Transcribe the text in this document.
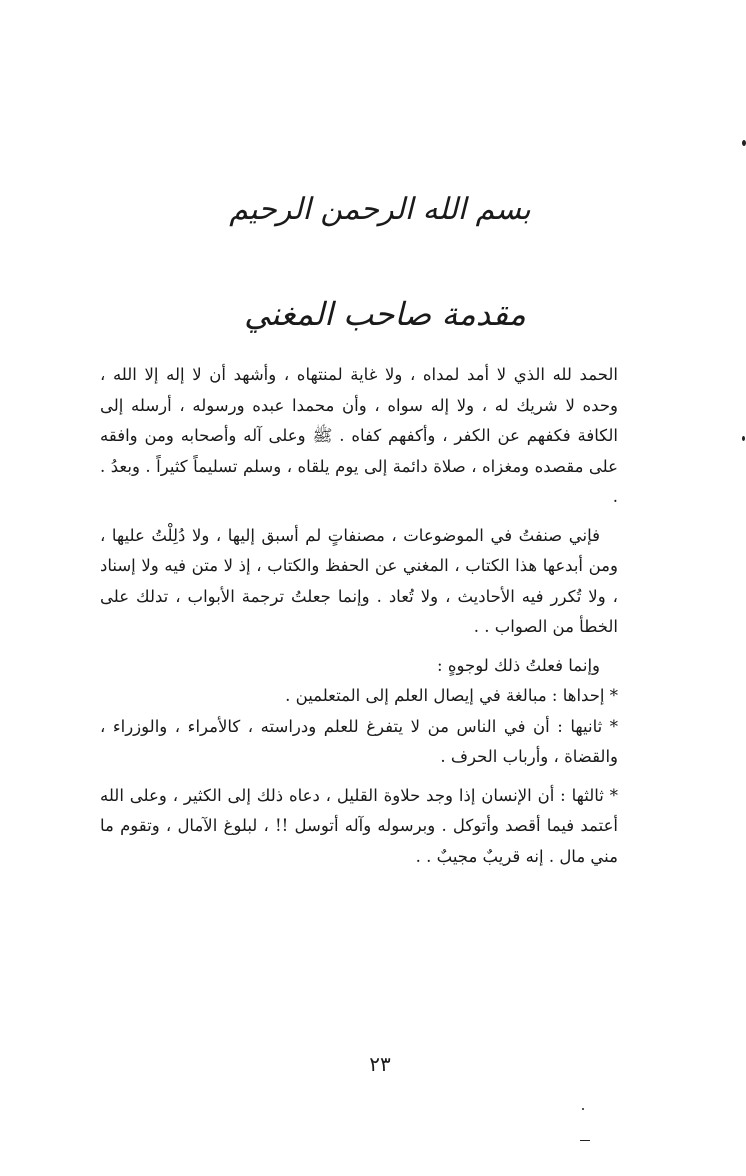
بسم الله الرحمن الرحيم
مقدمة صاحب المغني

الحمد لله الذي لا أمد لمداه ، ولا غاية لمنتهاه ، وأشهد أن لا إله إلا الله ، وحده لا شريك له ، ولا إله سواه ، وأن محمدا عبده ورسوله ، أرسله إلى الكافة فكفهم عن الكفر ، وأكفهم كفاه . ﷺ وعلى آله وأصحابه ومن وافقه على مقصده ومغزاه ، صلاة دائمة إلى يوم يلقاه ، وسلم تسليماً كثيراً . وبعدُ . .

فإني صنفتُ في الموضوعات ، مصنفاتٍ لم أسبق إليها ، ولا دُلِلْتُ عليها ، ومن أبدعها هذا الكتاب ، المغني عن الحفظ والكتاب ، إذ لا متن فيه ولا إسناد ، ولا تُكرر فيه الأحاديث ، ولا تُعاد . وإنما جعلتُ ترجمة الأبواب ، تدلك على الخطأ من الصواب . .

وإنما فعلتُ ذلك لوجوهٍ :

* إحداها : مبالغة في إيصال العلم إلى المتعلمين .

* ثانيها : أن في الناس من لا يتفرغ للعلم ودراسته ، كالأمراء ، والوزراء ، والقضاة ، وأرباب الحرف .

* ثالثها : أن الإنسان إذا وجد حلاوة القليل ، دعاه ذلك إلى الكثير ، وعلى الله أعتمد فيما أقصد وأتوكل . وبرسوله وآله أتوسل !! ، لبلوغ الآمال ، وتقوم ما مني مال . إنه قريبٌ مجيبٌ . .

٢٣
